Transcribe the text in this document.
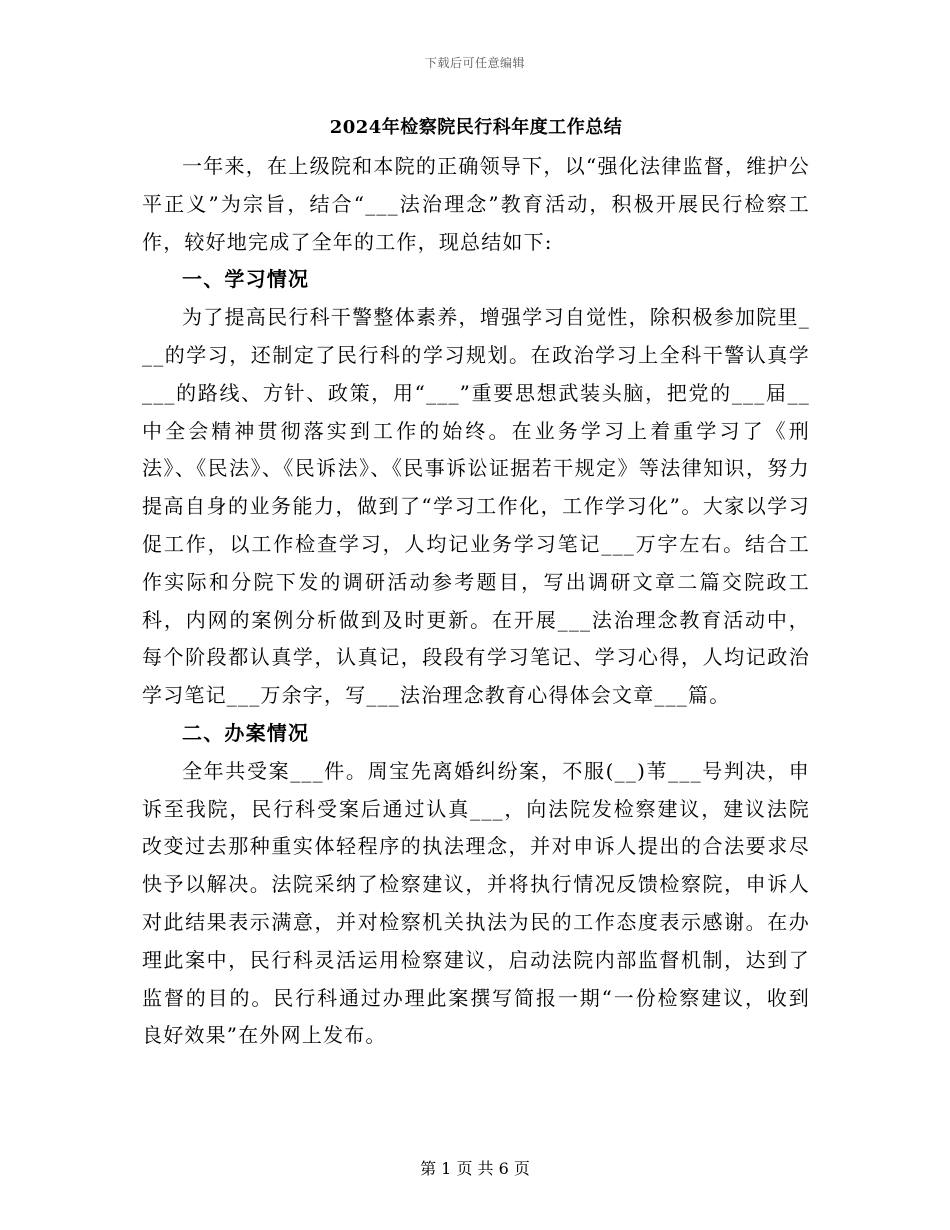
下载后可任意编辑
2024年检察院民行科年度工作总结

一年来，在上级院和本院的正确领导下，以“强化法律监督，维护公平正义”为宗旨，结合“___法治理念”教育活动，积极开展民行检察工作，较好地完成了全年的工作，现总结如下:

一、学习情况

为了提高民行科干警整体素养，增强学习自觉性，除积极参加院里___的学习，还制定了民行科的学习规划。在政治学习上全科干警认真学___的路线、方针、政策，用“___”重要思想武装头脑，把党的___届__中全会精神贯彻落实到工作的始终。在业务学习上着重学习了《刑法》、《民法》、《民诉法》、《民事诉讼证据若干规定》等法律知识，努力提高自身的业务能力，做到了“学习工作化，工作学习化”。大家以学习促工作，以工作检查学习，人均记业务学习笔记___万字左右。结合工作实际和分院下发的调研活动参考题目，写出调研文章二篇交院政工科，内网的案例分析做到及时更新。在开展___法治理念教育活动中，每个阶段都认真学，认真记，段段有学习笔记、学习心得，人均记政治学习笔记___万余字，写___法治理念教育心得体会文章___篇。

二、办案情况

全年共受案___件。周宝先离婚纠纷案，不服(__)苇___号判决，申诉至我院，民行科受案后通过认真___，向法院发检察建议，建议法院改变过去那种重实体轻程序的执法理念，并对申诉人提出的合法要求尽快予以解决。法院采纳了检察建议，并将执行情况反馈检察院，申诉人对此结果表示满意，并对检察机关执法为民的工作态度表示感谢。在办理此案中，民行科灵活运用检察建议，启动法院内部监督机制，达到了监督的目的。民行科通过办理此案撰写简报一期“一份检察建议，收到良好效果”在外网上发布。

第 1 页 共 6 页
